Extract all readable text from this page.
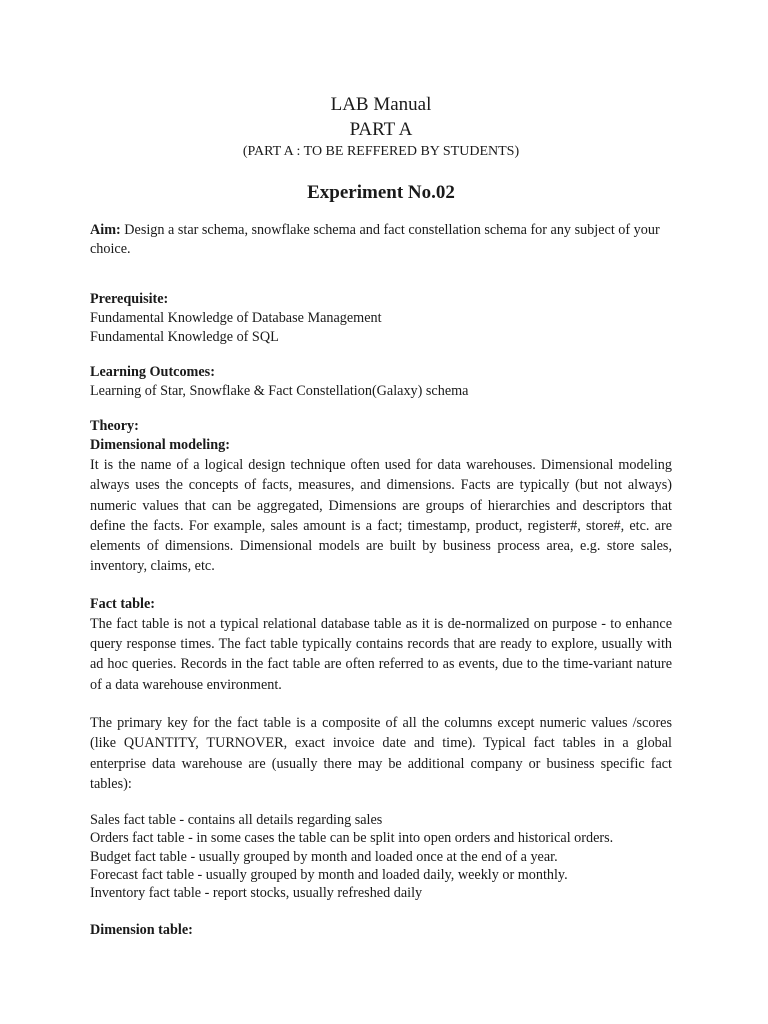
LAB Manual
PART A
(PART A : TO BE REFFERED BY STUDENTS)
Experiment No.02

Aim: Design a star schema, snowflake schema and fact constellation schema for any subject of your choice.

Prerequisite:
Fundamental Knowledge of Database Management
Fundamental Knowledge of SQL
Learning Outcomes:
Learning of Star, Snowflake & Fact Constellation(Galaxy) schema
Theory:
Dimensional modeling:

It is the name of a logical design technique often used for data warehouses. Dimensional modeling always uses the concepts of facts, measures, and dimensions. Facts are typically (but not always) numeric values that can be aggregated, Dimensions are groups of hierarchies and descriptors that define the facts. For example, sales amount is a fact; timestamp, product, register#, store#, etc. are elements of dimensions. Dimensional models are built by business process area, e.g. store sales, inventory, claims, etc.

Fact table:

The fact table is not a typical relational database table as it is de-normalized on purpose - to enhance query response times. The fact table typically contains records that are ready to explore, usually with ad hoc queries. Records in the fact table are often referred to as events, due to the time-variant nature of a data warehouse environment.

The primary key for the fact table is a composite of all the columns except numeric values /scores (like QUANTITY, TURNOVER, exact invoice date and time). Typical fact tables in a global enterprise data warehouse are (usually there may be additional company or business specific fact tables):

Sales fact table - contains all details regarding sales
Orders fact table - in some cases the table can be split into open orders and historical orders.
Budget fact table - usually grouped by month and loaded once at the end of a year.
Forecast fact table - usually grouped by month and loaded daily, weekly or monthly.
Inventory fact table - report stocks, usually refreshed daily
Dimension table:
